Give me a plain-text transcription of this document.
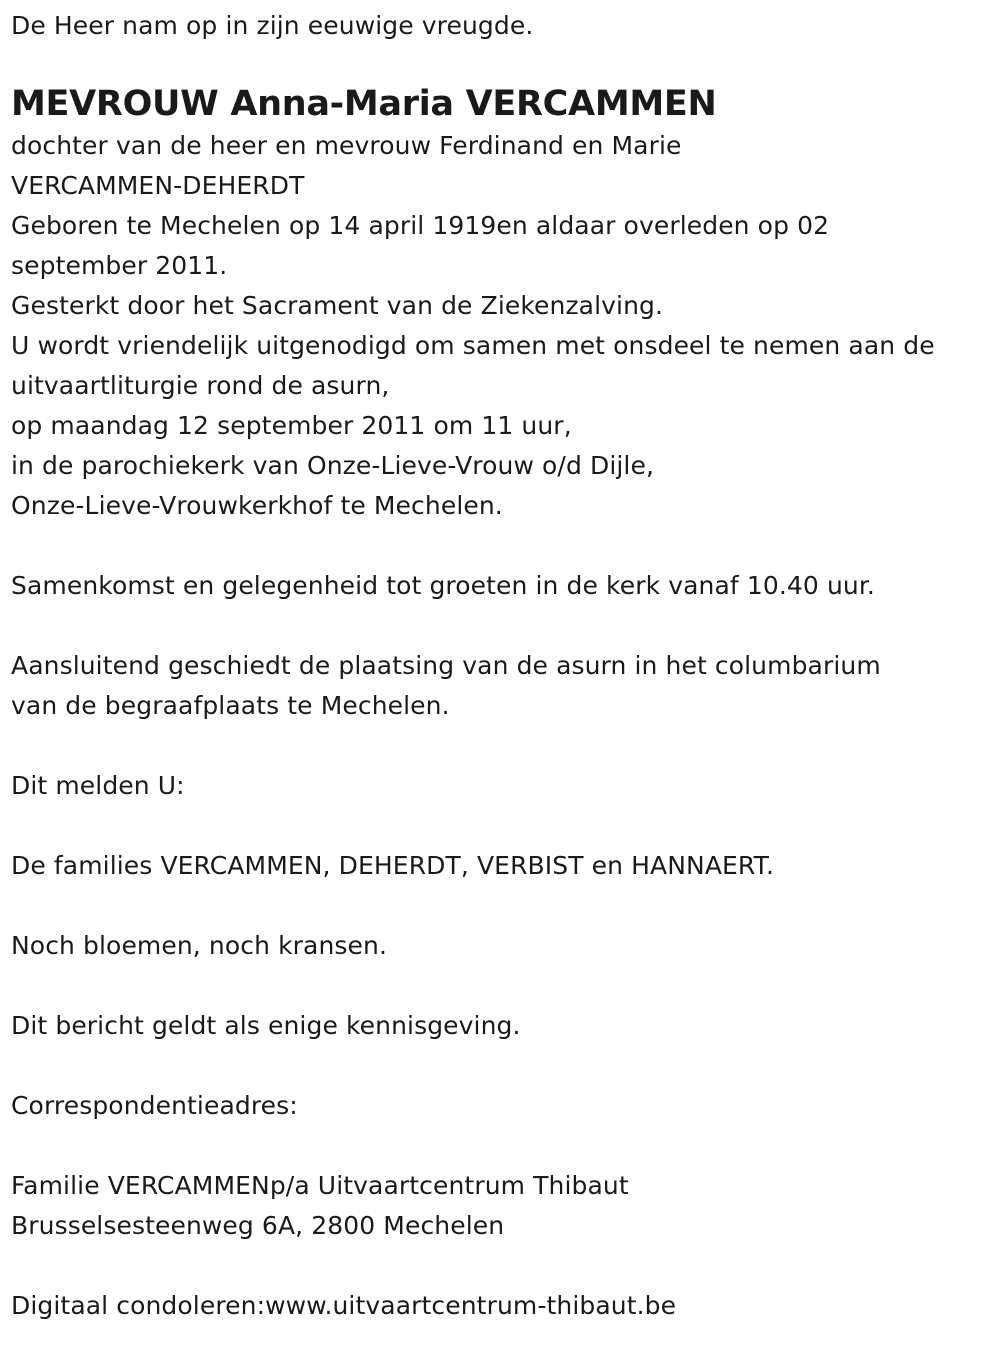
De Heer nam op in zijn eeuwige vreugde.
MEVROUW Anna-Maria VERCAMMEN
dochter van de heer en mevrouw Ferdinand en Marie
VERCAMMEN-DEHERDT
Geboren te Mechelen op 14 april 1919en aldaar overleden op 02
september 2011.
Gesterkt door het Sacrament van de Ziekenzalving.
U wordt vriendelijk uitgenodigd om samen met onsdeel te nemen aan de
uitvaartliturgie rond de asurn,
op maandag 12 september 2011 om 11 uur,
in de parochiekerk van Onze-Lieve-Vrouw o/d Dijle,
Onze-Lieve-Vrouwkerkhof te Mechelen.
Samenkomst en gelegenheid tot groeten in de kerk vanaf 10.40 uur.
Aansluitend geschiedt de plaatsing van de asurn in het columbarium
van de begraafplaats te Mechelen.
Dit melden U:
De families VERCAMMEN, DEHERDT, VERBIST en HANNAERT.
Noch bloemen, noch kransen.
Dit bericht geldt als enige kennisgeving.
Correspondentieadres:
Familie VERCAMMENp/a Uitvaartcentrum Thibaut
Brusselsesteenweg 6A, 2800 Mechelen
Digitaal condoleren:www.uitvaartcentrum-thibaut.be
